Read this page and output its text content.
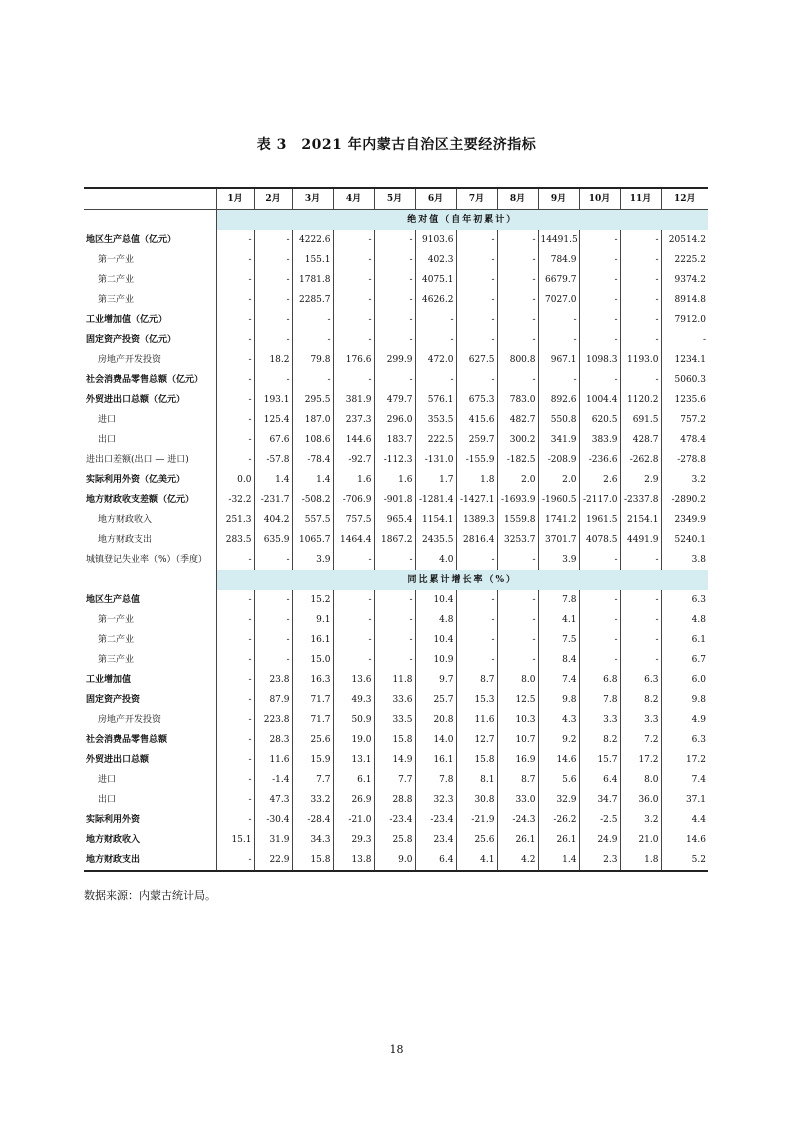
表 3　2021 年内蒙古自治区主要经济指标
	1月	2月	3月	4月	5月	6月	7月	8月	9月	10月	11月	12月
	绝对值（自年初累计）											
地区生产总值（亿元）	-	-	4222.6	-	-	9103.6	-	-	14491.5	-	-	20514.2
第一产业	-	-	155.1	-	-	402.3	-	-	784.9	-	-	2225.2
第二产业	-	-	1781.8	-	-	4075.1	-	-	6679.7	-	-	9374.2
第三产业	-	-	2285.7	-	-	4626.2	-	-	7027.0	-	-	8914.8
工业增加值（亿元）	-	-	-	-	-	-	-	-	-	-	-	7912.0
固定资产投资（亿元）	-	-	-	-	-	-	-	-	-	-	-	-
房地产开发投资	-	18.2	79.8	176.6	299.9	472.0	627.5	800.8	967.1	1098.3	1193.0	1234.1
社会消费品零售总额（亿元）	-	-	-	-	-	-	-	-	-	-	-	5060.3
外贸进出口总额（亿元）	-	193.1	295.5	381.9	479.7	576.1	675.3	783.0	892.6	1004.4	1120.2	1235.6
进口	-	125.4	187.0	237.3	296.0	353.5	415.6	482.7	550.8	620.5	691.5	757.2
出口	-	67.6	108.6	144.6	183.7	222.5	259.7	300.2	341.9	383.9	428.7	478.4
进出口差额(出口 — 进口)	-	-57.8	-78.4	-92.7	-112.3	-131.0	-155.9	-182.5	-208.9	-236.6	-262.8	-278.8
实际利用外资（亿美元）	0.0	1.4	1.4	1.6	1.6	1.7	1.8	2.0	2.0	2.6	2.9	3.2
地方财政收支差额（亿元）	-32.2	-231.7	-508.2	-706.9	-901.8	-1281.4	-1427.1	-1693.9	-1960.5	-2117.0	-2337.8	-2890.2
地方财政收入	251.3	404.2	557.5	757.5	965.4	1154.1	1389.3	1559.8	1741.2	1961.5	2154.1	2349.9
地方财政支出	283.5	635.9	1065.7	1464.4	1867.2	2435.5	2816.4	3253.7	3701.7	4078.5	4491.9	5240.1
城镇登记失业率（%）（季度）	-	-	3.9	-	-	4.0	-	-	3.9	-	-	3.8
	同比累计增长率（%）											
地区生产总值	-	-	15.2	-	-	10.4	-	-	7.8	-	-	6.3
第一产业	-	-	9.1	-	-	4.8	-	-	4.1	-	-	4.8
第二产业	-	-	16.1	-	-	10.4	-	-	7.5	-	-	6.1
第三产业	-	-	15.0	-	-	10.9	-	-	8.4	-	-	6.7
工业增加值	-	23.8	16.3	13.6	11.8	9.7	8.7	8.0	7.4	6.8	6.3	6.0
固定资产投资	-	87.9	71.7	49.3	33.6	25.7	15.3	12.5	9.8	7.8	8.2	9.8
房地产开发投资	-	223.8	71.7	50.9	33.5	20.8	11.6	10.3	4.3	3.3	3.3	4.9
社会消费品零售总额	-	28.3	25.6	19.0	15.8	14.0	12.7	10.7	9.2	8.2	7.2	6.3
外贸进出口总额	-	11.6	15.9	13.1	14.9	16.1	15.8	16.9	14.6	15.7	17.2	17.2
进口	-	-1.4	7.7	6.1	7.7	7.8	8.1	8.7	5.6	6.4	8.0	7.4
出口	-	47.3	33.2	26.9	28.8	32.3	30.8	33.0	32.9	34.7	36.0	37.1
实际利用外资	-	-30.4	-28.4	-21.0	-23.4	-23.4	-21.9	-24.3	-26.2	-2.5	3.2	4.4
地方财政收入	15.1	31.9	34.3	29.3	25.8	23.4	25.6	26.1	26.1	24.9	21.0	14.6
地方财政支出	-	22.9	15.8	13.8	9.0	6.4	4.1	4.2	1.4	2.3	1.8	5.2
数据来源：内蒙古统计局。
18
